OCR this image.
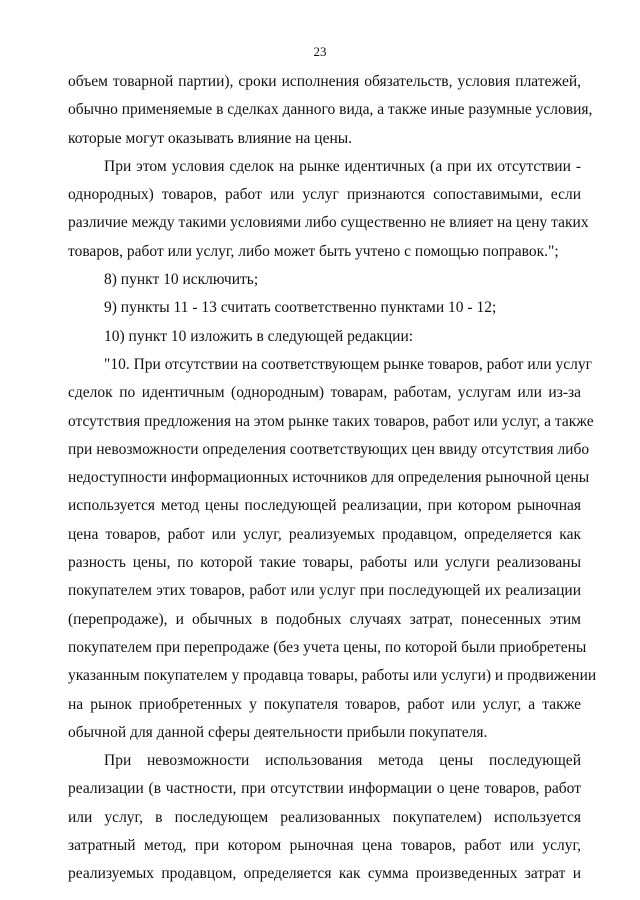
23
объем товарной партии), сроки исполнения обязательств, условия платежей,
обычно применяемые в сделках данного вида, а также иные разумные условия,
которые могут оказывать влияние на цены.
При этом условия сделок на рынке идентичных (а при их отсутствии -
однородных) товаров, работ или услуг признаются сопоставимыми, если
различие между такими условиями либо существенно не влияет на цену таких
товаров, работ или услуг, либо может быть учтено с помощью поправок.";
8) пункт 10 исключить;
9) пункты 11 - 13 считать соответственно пунктами 10 - 12;
10) пункт 10 изложить в следующей редакции:
"10. При отсутствии на соответствующем рынке товаров, работ или услуг
сделок по идентичным (однородным) товарам, работам, услугам или из-за
отсутствия предложения на этом рынке таких товаров, работ или услуг, а также
при невозможности определения соответствующих цен ввиду отсутствия либо
недоступности информационных источников для определения рыночной цены
используется метод цены последующей реализации, при котором рыночная
цена товаров, работ или услуг, реализуемых продавцом, определяется как
разность цены, по которой такие товары, работы или услуги реализованы
покупателем этих товаров, работ или услуг при последующей их реализации
(перепродаже), и обычных в подобных случаях затрат, понесенных этим
покупателем при перепродаже (без учета цены, по которой были приобретены
указанным покупателем у продавца товары, работы или услуги) и продвижении
на рынок приобретенных у покупателя товаров, работ или услуг, а также
обычной для данной сферы деятельности прибыли покупателя.
При невозможности использования метода цены последующей
реализации (в частности, при отсутствии информации о цене товаров, работ
или услуг, в последующем реализованных покупателем) используется
затратный метод, при котором рыночная цена товаров, работ или услуг,
реализуемых продавцом, определяется как сумма произведенных затрат и
